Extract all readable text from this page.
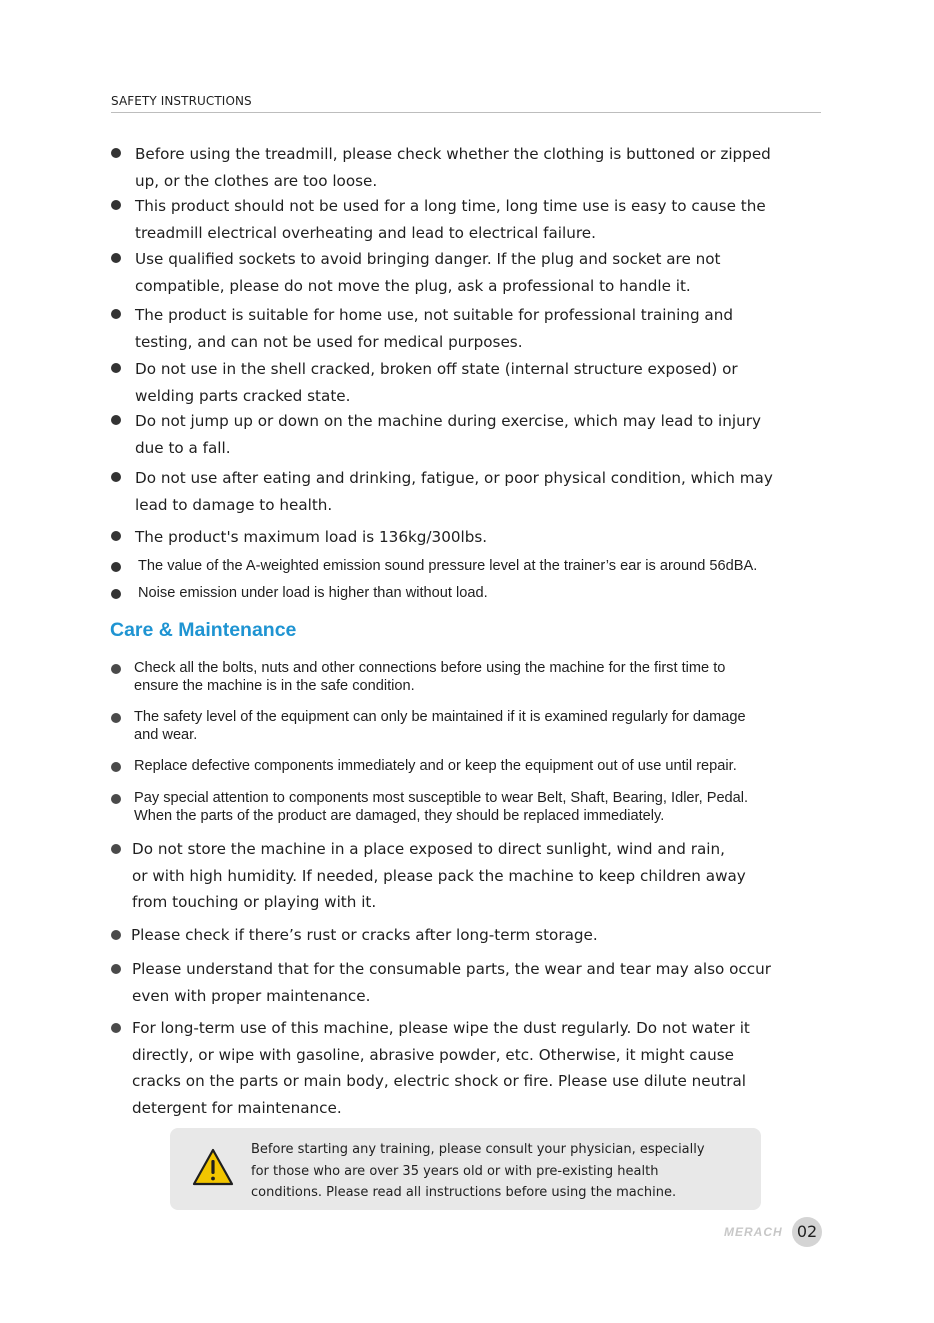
SAFETY INSTRUCTIONS
Before using the treadmill, please check whether the clothing is buttoned or zipped
up, or the clothes are too loose.
This product should not be used for a long time, long time use is easy to cause the
treadmill electrical overheating and lead to electrical failure.
Use qualified sockets to avoid bringing danger. If the plug and socket are not
compatible, please do not move the plug, ask a professional to handle it.
The product is suitable for home use, not suitable for professional training and
testing, and can not be used for medical purposes.
Do not use in the shell cracked, broken off state (internal structure exposed) or
welding parts cracked state.
Do not jump up or down on the machine during exercise, which may lead to injury
due to a fall.
Do not use after eating and drinking, fatigue, or poor physical condition, which may
lead to damage to health.
The product's maximum load is 136kg/300lbs.
The value of the A-weighted emission sound pressure level at the trainer’s ear is around 56dBA.
Noise emission under load is higher than without load.
Care & Maintenance
Check all the bolts, nuts and other connections before using the machine for the first time to
ensure the machine is in the safe condition.
The safety level of the equipment can only be maintained if it is examined regularly for damage
and wear.
Replace defective components immediately and or keep the equipment out of use until repair.
Pay special attention to components most susceptible to wear Belt, Shaft, Bearing, Idler, Pedal.
When the parts of the product are damaged, they should be replaced immediately.
Do not store the machine in a place exposed to direct sunlight, wind and rain,
or with high humidity. If needed, please pack the machine to keep children away
from touching or playing with it.
Please check if there’s rust or cracks after long-term storage.
Please understand that for the consumable parts, the wear and tear may also occur
even with proper maintenance.
For long-term use of this machine, please wipe the dust regularly. Do not water it
directly, or wipe with gasoline, abrasive powder, etc. Otherwise, it might cause
cracks on the parts or main body, electric shock or fire. Please use dilute neutral
detergent for maintenance.
Before starting any training, please consult your physician, especially
for those who are over 35 years old or with pre-existing health
conditions. Please read all instructions before using the machine.
MERACH 02
